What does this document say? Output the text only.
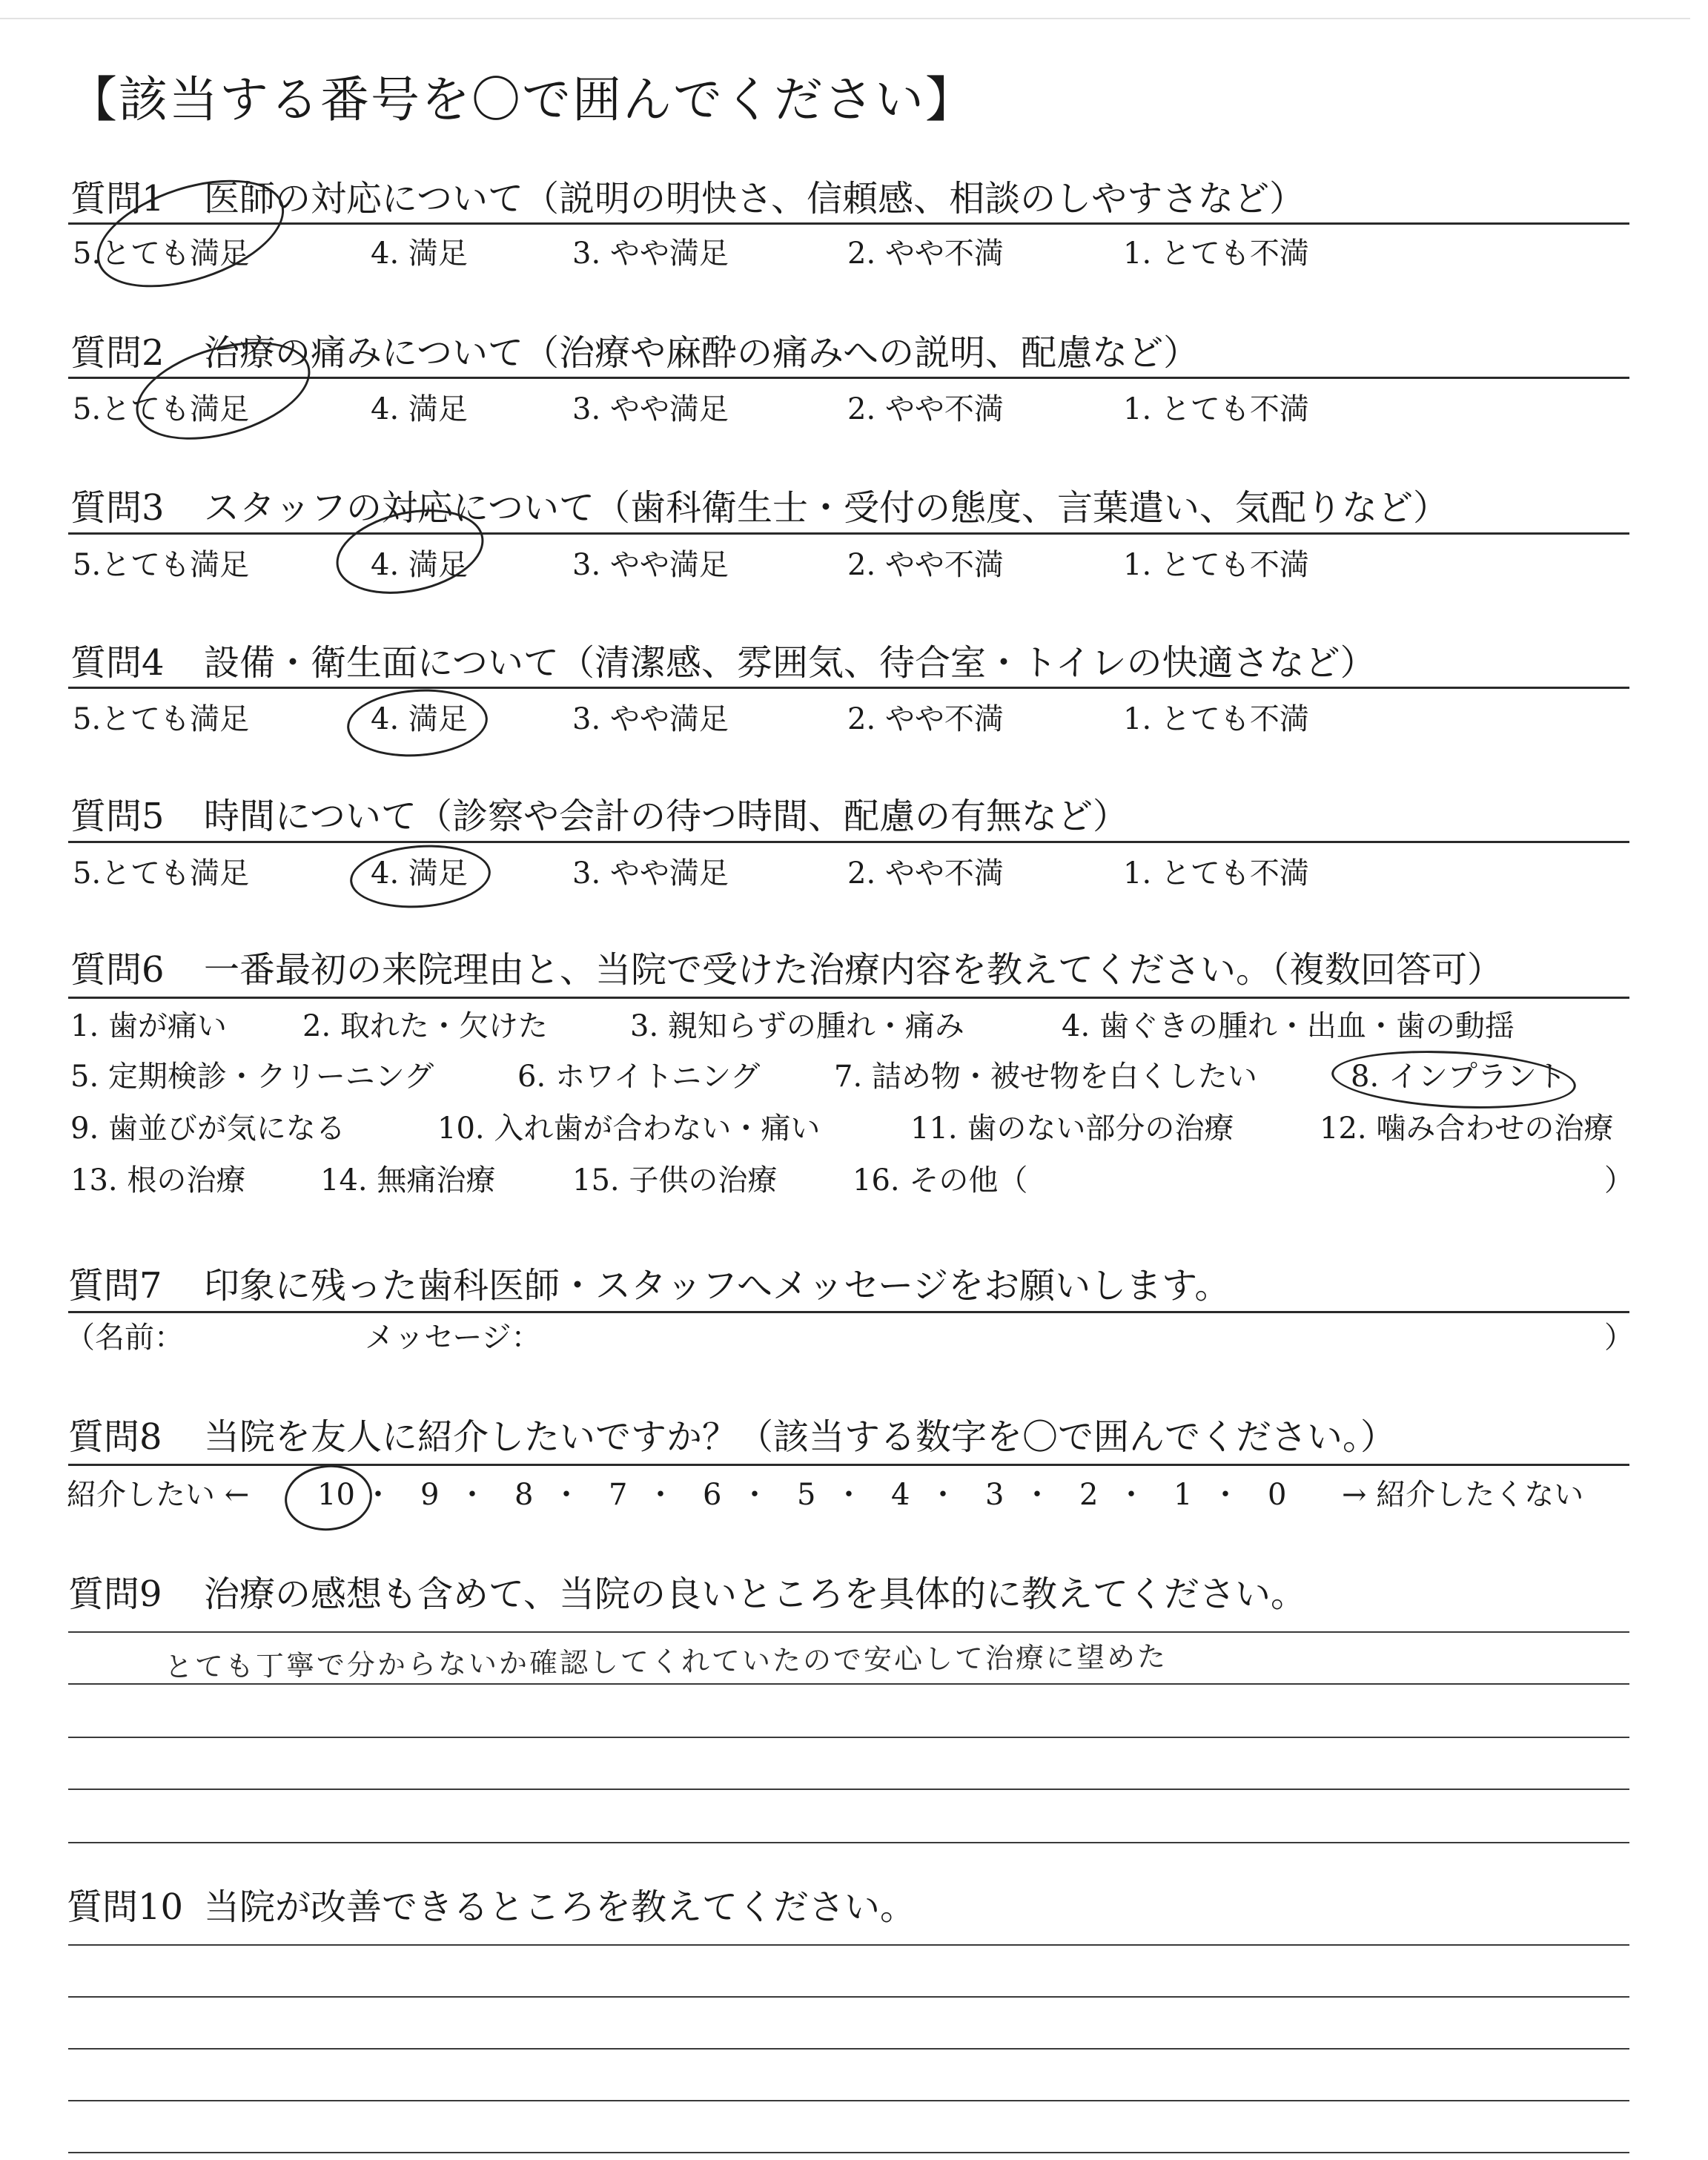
【該当する番号を〇で囲んでください】
質問1 医師の対応について（説明の明快さ、信頼感、相談のしやすさなど）
5.とても満足	4. 満足	3. やや満足	2. やや不満	1. とても不満
質問2 治療の痛みについて（治療や麻酔の痛みへの説明、配慮など）
5.とても満足	4. 満足	3. やや満足	2. やや不満	1. とても不満
質問3 スタッフの対応について（歯科衛生士・受付の態度、言葉遣い、気配りなど）
5.とても満足	4. 満足	3. やや満足	2. やや不満	1. とても不満
質問4 設備・衛生面について（清潔感、雰囲気、待合室・トイレの快適さなど）
5.とても満足	4. 満足	3. やや満足	2. やや不満	1. とても不満
質問5 時間について（診察や会計の待つ時間、配慮の有無など）
5.とても満足	4. 満足	3. やや満足	2. やや不満	1. とても不満
質問6 一番最初の来院理由と、当院で受けた治療内容を教えてください。（複数回答可）
1. 歯が痛い	2. 取れた・欠けた	3. 親知らずの腫れ・痛み	4. 歯ぐきの腫れ・出血・歯の動揺
5. 定期検診・クリーニング	6. ホワイトニング 7. 詰め物・被せ物を白くしたい	8. インプラント
9. 歯並びが気になる	10. 入れ歯が合わない・痛い	11. 歯のない部分の治療	12. 噛み合わせの治療
13. 根の治療	14. 無痛治療	15. 子供の治療	16. その他（	）
質問7 印象に残った歯科医師・スタッフへメッセージをお願いします。
（名前：	メッセージ：	）
質問8 当院を友人に紹介したいですか？（該当する数字を〇で囲んでください。）
紹介したい ← 10 ・ 9 ・ 8 ・ 7 ・ 6 ・ 5 ・ 4 ・ 3 ・ 2 ・ 1 ・ 0 → 紹介したくない
質問9 治療の感想も含めて、当院の良いところを具体的に教えてください。
とても丁寧で分からないか確認してくれていたので安心して治療に望めた
質問10 当院が改善できるところを教えてください。
